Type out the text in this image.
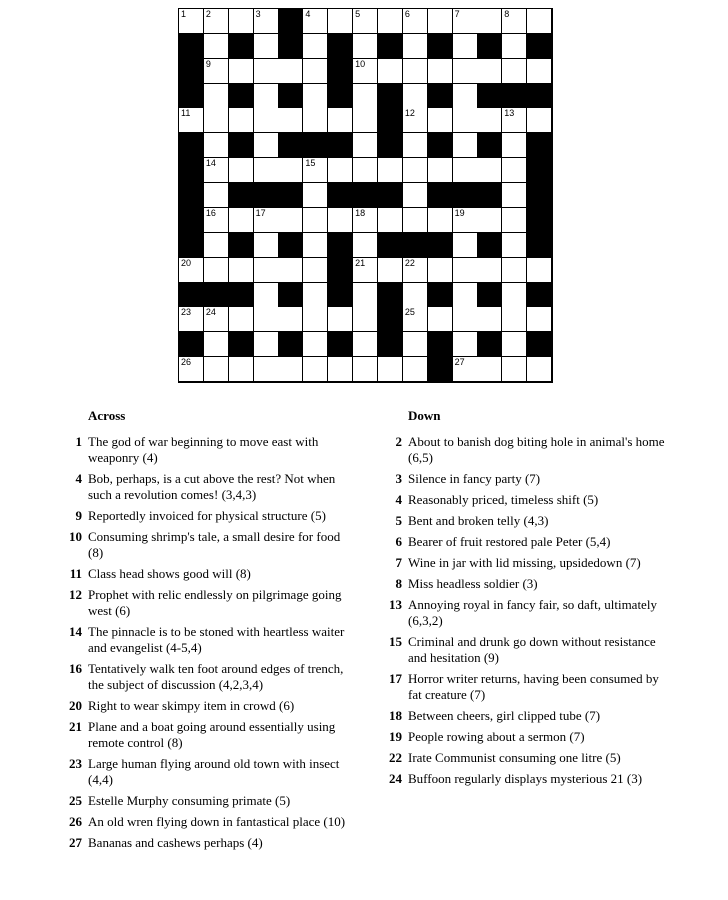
1 2	3	4	5	6	7	8
9	10
11	12	13
14	15
16	17	18	19
20	21	22
23 24	25
26	27
Across
1 The god of war beginning to move east with weaponry (4)
4 Bob, perhaps, is a cut above the rest? Not when such a revolution comes! (3,4,3)
9 Reportedly invoiced for physical structure (5)
10 Consuming shrimp's tale, a small desire for food (8)
11 Class head shows good will (8)
12 Prophet with relic endlessly on pilgrimage going west (6)
14 The pinnacle is to be stoned with heartless waiter and evangelist (4-5,4)
16 Tentatively walk ten foot around edges of trench, the subject of discussion (4,2,3,4)
20 Right to wear skimpy item in crowd (6)
21 Plane and a boat going around essentially using remote control (8)
23 Large human flying around old town with insect (4,4)
25 Estelle Murphy consuming primate (5)
26 An old wren flying down in fantastical place (10)
27 Bananas and cashews perhaps (4)
Down
2 About to banish dog biting hole in animal's home (6,5)
3 Silence in fancy party (7)
4 Reasonably priced, timeless shift (5)
5 Bent and broken telly (4,3)
6 Bearer of fruit restored pale Peter (5,4)
7 Wine in jar with lid missing, upsidedown (7)
8 Miss headless soldier (3)
13 Annoying royal in fancy fair, so daft, ultimately (6,3,2)
15 Criminal and drunk go down without resistance and hesitation (9)
17 Horror writer returns, having been consumed by fat creature (7)
18 Between cheers, girl clipped tube (7)
19 People rowing about a sermon (7)
22 Irate Communist consuming one litre (5)
24 Buffoon regularly displays mysterious 21 (3)
